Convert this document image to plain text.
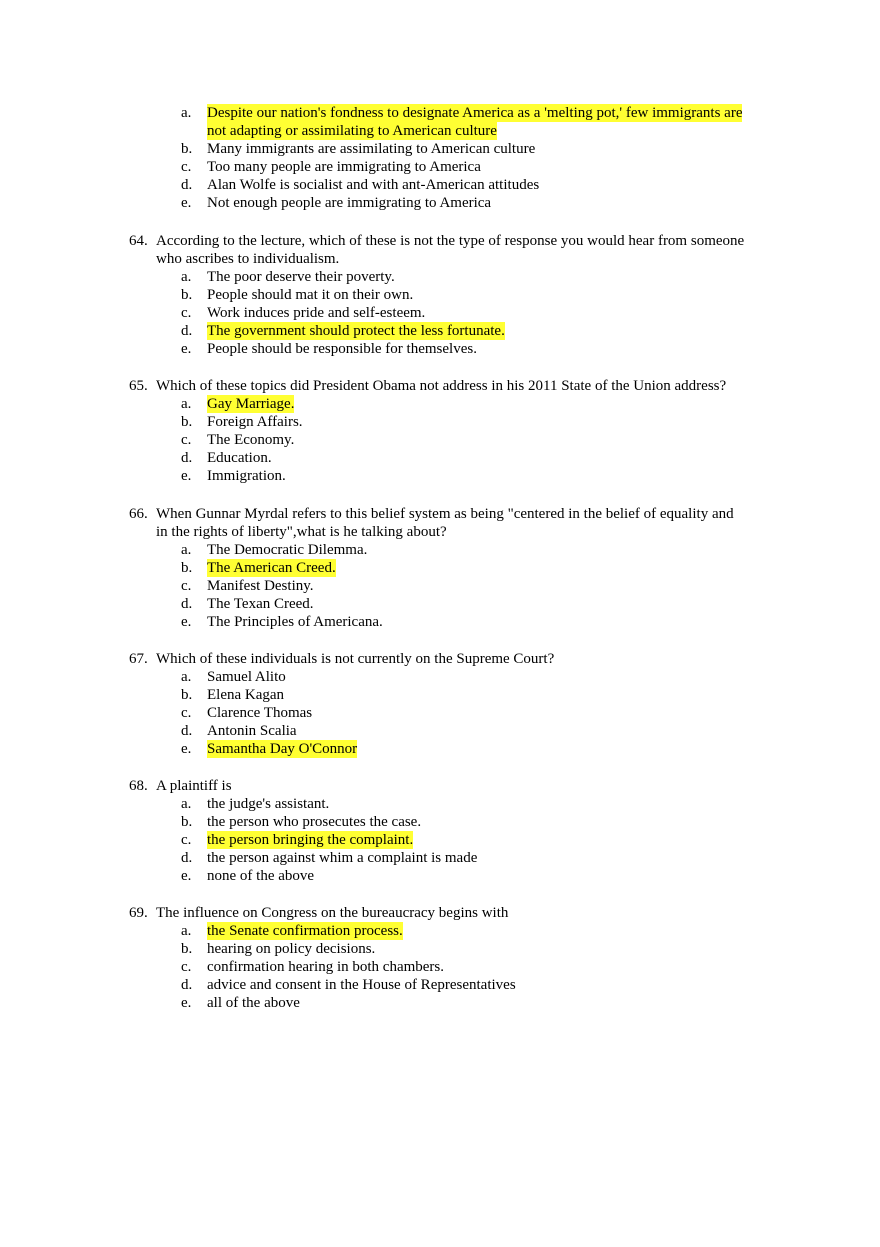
a. Despite our nation's fondness to designate America as a 'melting pot,' few immigrants are
not adapting or assimilating to American culture
b. Many immigrants are assimilating to American culture
c. Too many people are immigrating to America
d. Alan Wolfe is socialist and with ant-American attitudes
e. Not enough people are immigrating to America
64. According to the lecture, which of these is not the type of response you would hear from someone
who ascribes to individualism.
a. The poor deserve their poverty.
b. People should mat it on their own.
c. Work induces pride and self-esteem.
d. The government should protect the less fortunate.
e. People should be responsible for themselves.
65. Which of these topics did President Obama not address in his 2011 State of the Union address?
a. Gay Marriage.
b. Foreign Affairs.
c. The Economy.
d. Education.
e. Immigration.
66. When Gunnar Myrdal refers to this belief system as being "centered in the belief of equality and
in the rights of liberty",what is he talking about?
a. The Democratic Dilemma.
b. The American Creed.
c. Manifest Destiny.
d. The Texan Creed.
e. The Principles of Americana.
67. Which of these individuals is not currently on the Supreme Court?
a. Samuel Alito
b. Elena Kagan
c. Clarence Thomas
d. Antonin Scalia
e. Samantha Day O'Connor
68. A plaintiff is
a. the judge's assistant.
b. the person who prosecutes the case.
c. the person bringing the complaint.
d. the person against whim a complaint is made
e. none of the above
69. The influence on Congress on the bureaucracy begins with
a. the Senate confirmation process.
b. hearing on policy decisions.
c. confirmation hearing in both chambers.
d. advice and consent in the House of Representatives
e. all of the above
